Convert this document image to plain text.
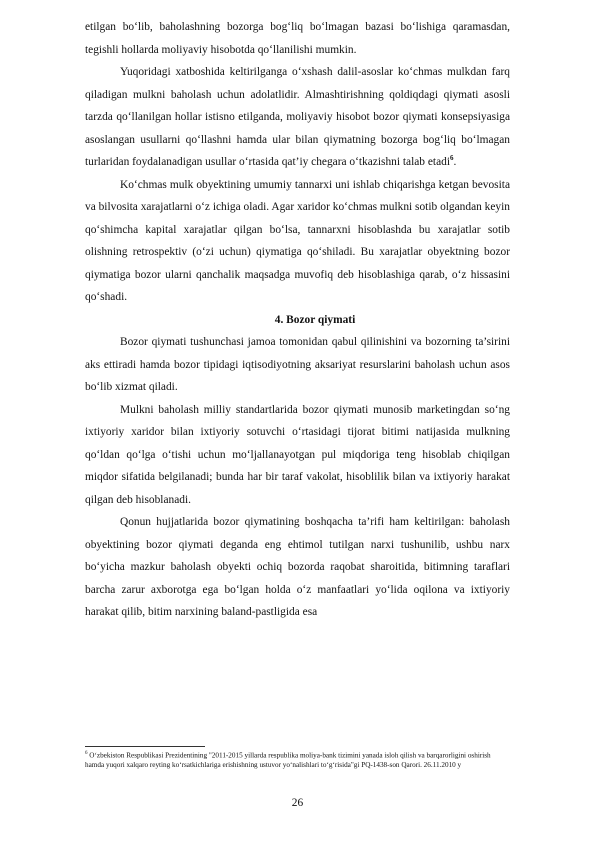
etilgan bo‘lib, baholashning bozorga bog‘liq bo‘lmagan bazasi bo‘lishiga qaramasdan, tegishli hollarda moliyaviy hisobotda qo‘llanilishi mumkin.

Yuqoridagi xatboshida keltirilganga o‘xshash dalil-asoslar ko‘chmas mulkdan farq qiladigan mulkni baholash uchun adolatlidir. Almashtirishning qoldiqdagi qiymati asosli tarzda qo‘llanilgan hollar istisno etilganda, moliyaviy hisobot bozor qiymati konsepsiyasiga asoslangan usullarni qo‘llashni hamda ular bilan qiymatning bozorga bog‘liq bo‘lmagan turlaridan foydalanadigan usullar o‘rtasida qat’iy chegara o‘tkazishni talab etadi$^6$.

Ko‘chmas mulk obyektining umumiy tannarxi uni ishlab chiqarishga ketgan bevosita va bilvosita xarajatlarni o‘z ichiga oladi. Agar xaridor ko‘chmas mulkni sotib olgandan keyin qo‘shimcha kapital xarajatlar qilgan bo‘lsa, tannarxni hisoblashda bu xarajatlar sotib olishning retrospektiv (o‘zi uchun) qiymatiga qo‘shiladi. Bu xarajatlar obyektning bozor qiymatiga bozor ularni qanchalik maqsadga muvofiq deb hisoblashiga qarab, o‘z hissasini qo‘shadi.

4. Bozor qiymati

Bozor qiymati tushunchasi jamoa tomonidan qabul qilinishini va bozorning ta’sirini aks ettiradi hamda bozor tipidagi iqtisodiyotning aksariyat resurslarini baholash uchun asos bo‘lib xizmat qiladi.

Mulkni baholash milliy standartlarida bozor qiymati munosib marketingdan so‘ng ixtiyoriy xaridor bilan ixtiyoriy sotuvchi o‘rtasidagi tijorat bitimi natijasida mulkning qo‘ldan qo‘lga o‘tishi uchun mo‘ljallanayotgan pul miqdoriga teng hisoblab chiqilgan miqdor sifatida belgilanadi; bunda har bir taraf vakolat, hisoblilik bilan va ixtiyoriy harakat qilgan deb hisoblanadi.

Qonun hujjatlarida bozor qiymatining boshqacha ta’rifi ham keltirilgan: baholash obyektining bozor qiymati deganda eng ehtimol tutilgan narxi tushunilib, ushbu narx bo‘yicha mazkur baholash obyekti ochiq bozorda raqobat sharoitida, bitimning taraflari barcha zarur axborotga ega bo‘lgan holda o‘z manfaatlari yo‘lida oqilona va ixtiyoriy harakat qilib, bitim narxining baland-pastligida esa

$^6$ O‘zbekiston Respublikasi Prezidentining "2011-2015 yillarda respublika moliya-bank tizimini yanada isloh qilish va barqarorligini oshirish hamda yuqori xalqaro reyting ko‘rsatkichlariga erishishning ustuvor yo‘nalishlari to‘g‘risida"gi PQ-1438-son Qarori. 26.11.2010 y

26
